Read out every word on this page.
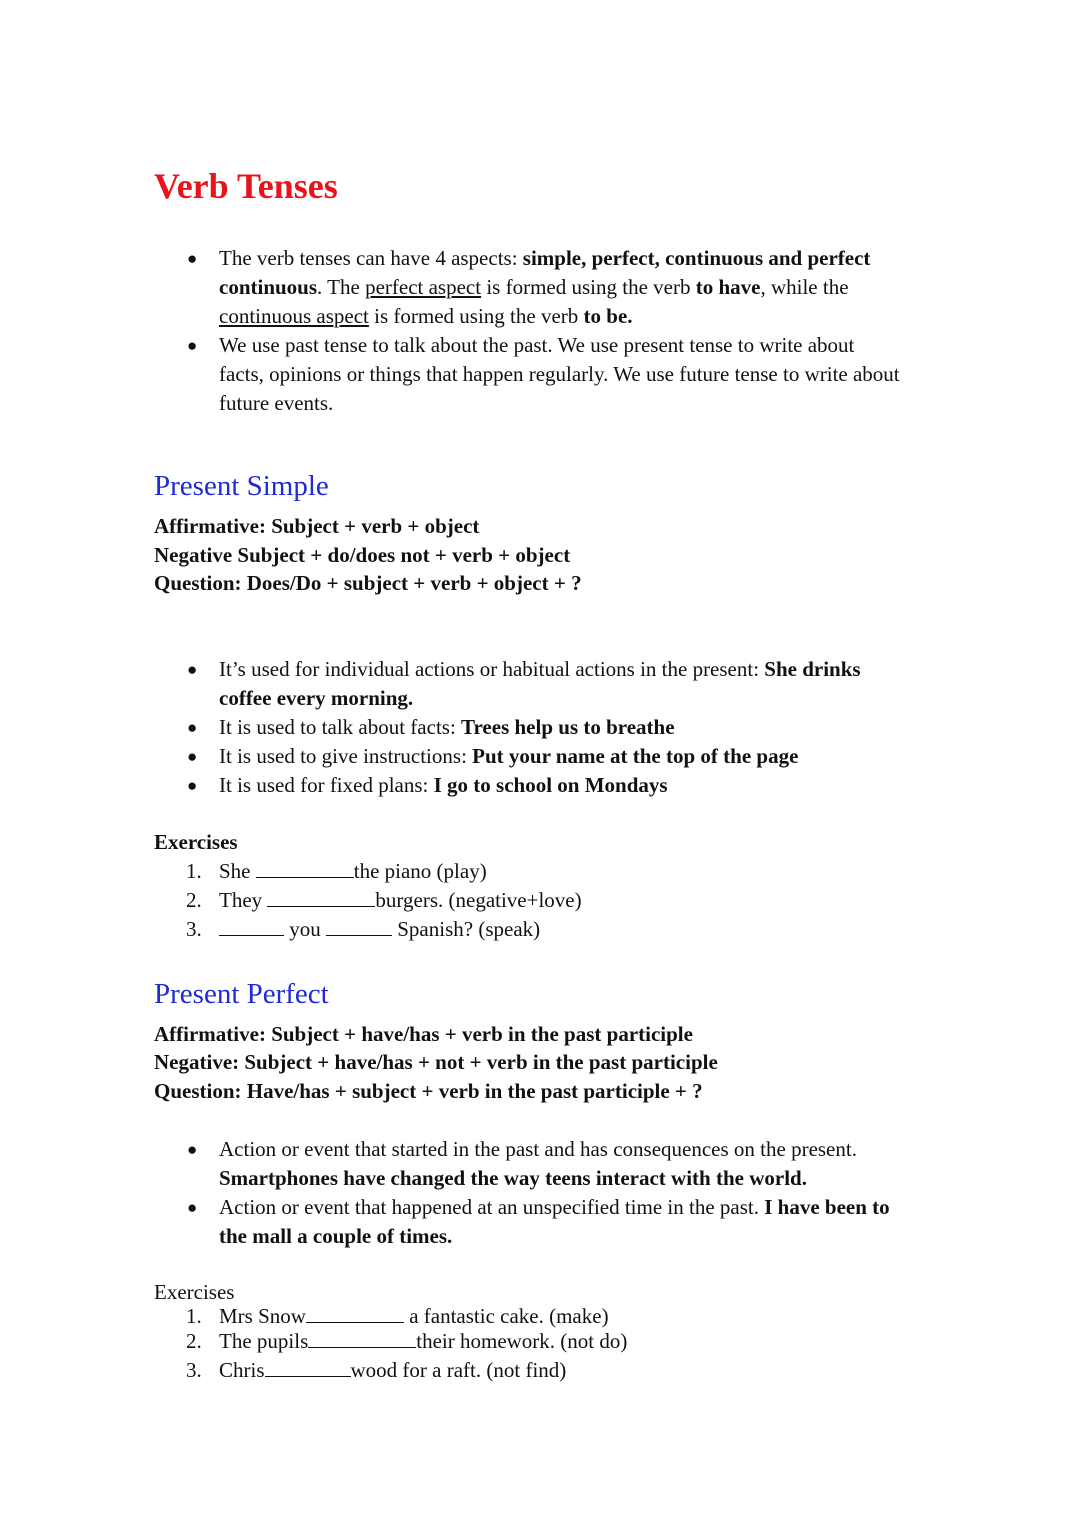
Verb Tenses
●
The verb tenses can have 4 aspects: simple, perfect, continuous and perfect
continuous. The perfect aspect is formed using the verb to have, while the
continuous aspect is formed using the verb to be.
●
We use past tense to talk about the past. We use present tense to write about
facts, opinions or things that happen regularly. We use future tense to write about
future events.
Present Simple
Affirmative: Subject + verb + object
Negative Subject + do/does not + verb + object
Question: Does/Do + subject + verb + object + ?
●
It’s used for individual actions or habitual actions in the present: She drinks
coffee every morning.
●
It is used to talk about facts: Trees help us to breathe
●
It is used to give instructions: Put your name at the top of the page
●
It is used for fixed plans: I go to school on Mondays
Exercises
1. She	the piano (play)
2. They	burgers. (negative+love)
3.	you	Spanish? (speak)
Present Perfect
Affirmative: Subject + have/has + verb in the past participle
Negative: Subject + have/has + not + verb in the past participle
Question: Have/has + subject + verb in the past participle + ?
●
Action or event that started in the past and has consequences on the present.
Smartphones have changed the way teens interact with the world.
●
Action or event that happened at an unspecified time in the past. I have been to
the mall a couple of times.
Exercises
1. Mrs Snow	a fantastic cake. (make)
2. The pupils	their homework. (not do)
3. Chris	wood for a raft. (not find)
